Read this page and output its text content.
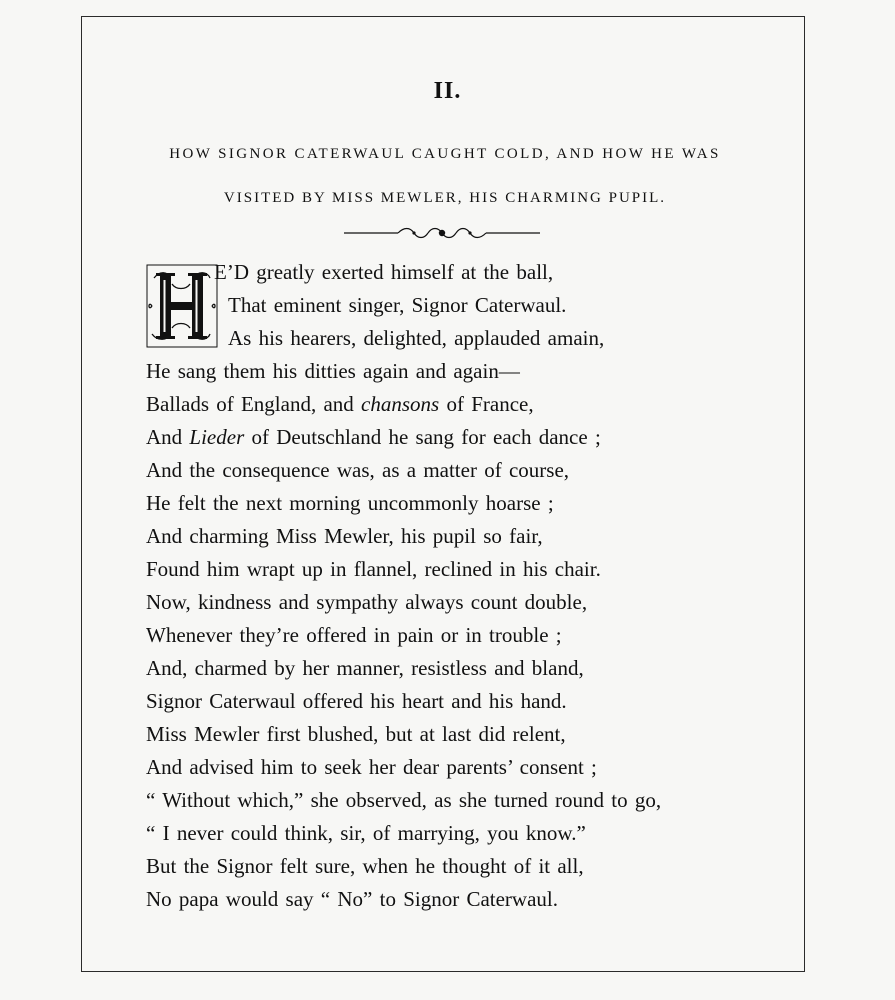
II.
HOW SIGNOR CATERWAUL CAUGHT COLD, AND HOW HE WAS
VISITED BY MISS MEWLER, HIS CHARMING PUPIL.
E’D greatly exerted himself at the ball,
That eminent singer, Signor Caterwaul.
As his hearers, delighted, applauded amain,
He sang them his ditties again and again—
Ballads of England, and chansons of France,
And Lieder of Deutschland he sang for each dance ;
And the consequence was, as a matter of course,
He felt the next morning uncommonly hoarse ;
And charming Miss Mewler, his pupil so fair,
Found him wrapt up in flannel, reclined in his chair.
Now, kindness and sympathy always count double,
Whenever they’re offered in pain or in trouble ;
And, charmed by her manner, resistless and bland,
Signor Caterwaul offered his heart and his hand.
Miss Mewler first blushed, but at last did relent,
And advised him to seek her dear parents’ consent ;
“ Without which,” she observed, as she turned round to go,
“ I never could think, sir, of marrying, you know.”
But the Signor felt sure, when he thought of it all,
No papa would say “ No” to Signor Caterwaul.
